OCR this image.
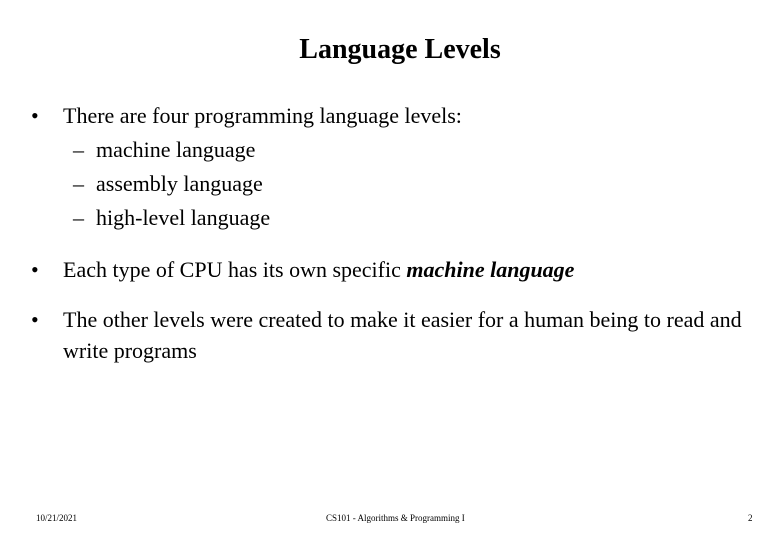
Language Levels
• There are four programming language levels:
– machine language
– assembly language
– high-level language
• Each type of CPU has its own specific machine language
• The other levels were created to make it easier for a human being to read and write programs
10/21/2021	CS101 - Algorithms & Programming I	2
